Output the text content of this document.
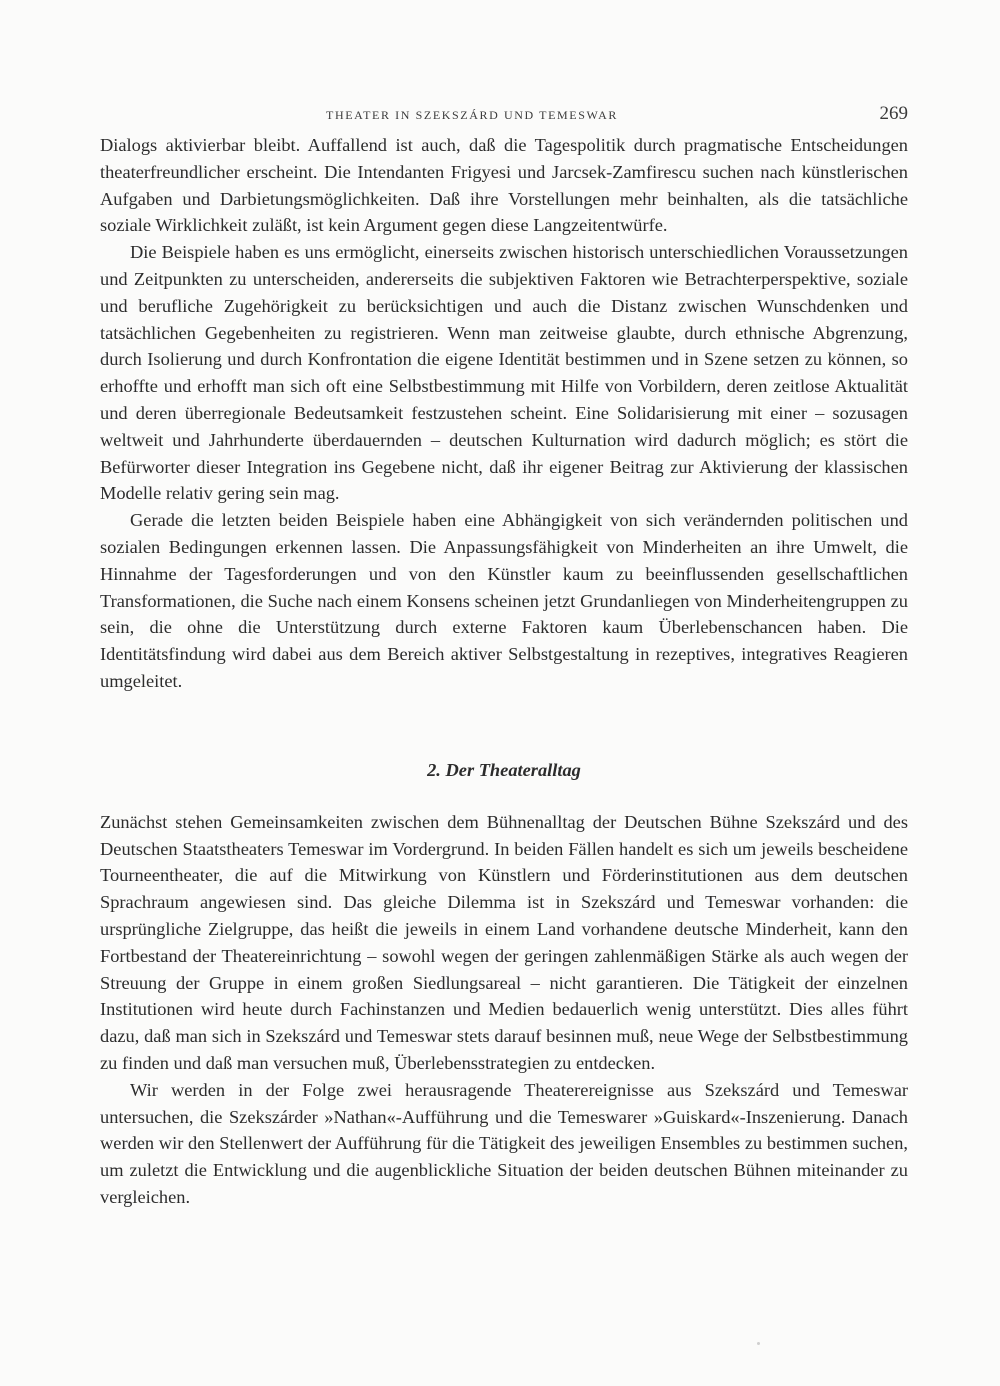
THEATER IN SZEKSZÁRD UND TEMESWAR	269

Dialogs aktivierbar bleibt. Auffallend ist auch, daß die Tagespolitik durch pragmatische Entscheidungen theaterfreundlicher erscheint. Die Intendanten Frigyesi und Jarcsek-Zamfirescu suchen nach künstlerischen Aufgaben und Darbietungsmöglichkeiten. Daß ihre Vorstellungen mehr beinhalten, als die tatsächliche soziale Wirklichkeit zuläßt, ist kein Argument gegen diese Langzeitentwürfe.

Die Beispiele haben es uns ermöglicht, einerseits zwischen historisch unterschiedlichen Voraussetzungen und Zeitpunkten zu unterscheiden, andererseits die subjektiven Faktoren wie Betrachterperspektive, soziale und berufliche Zugehörigkeit zu berücksichtigen und auch die Distanz zwischen Wunschdenken und tatsächlichen Gegebenheiten zu registrieren. Wenn man zeitweise glaubte, durch ethnische Abgrenzung, durch Isolierung und durch Konfrontation die eigene Identität bestimmen und in Szene setzen zu können, so erhoffte und erhofft man sich oft eine Selbstbestimmung mit Hilfe von Vorbildern, deren zeitlose Aktualität und deren überregionale Bedeutsamkeit festzustehen scheint. Eine Solidarisierung mit einer – sozusagen weltweit und Jahrhunderte überdauernden – deutschen Kulturnation wird dadurch möglich; es stört die Befürworter dieser Integration ins Gegebene nicht, daß ihr eigener Beitrag zur Aktivierung der klassischen Modelle relativ gering sein mag.

Gerade die letzten beiden Beispiele haben eine Abhängigkeit von sich verändernden politischen und sozialen Bedingungen erkennen lassen. Die Anpassungsfähigkeit von Minderheiten an ihre Umwelt, die Hinnahme der Tagesforderungen und von den Künstler kaum zu beeinflussenden gesellschaftlichen Transformationen, die Suche nach einem Konsens scheinen jetzt Grundanliegen von Minderheitengruppen zu sein, die ohne die Unterstützung durch externe Faktoren kaum Überlebenschancen haben. Die Identitätsfindung wird dabei aus dem Bereich aktiver Selbstgestaltung in rezeptives, integratives Reagieren umgeleitet.

2. Der Theateralltag

Zunächst stehen Gemeinsamkeiten zwischen dem Bühnenalltag der Deutschen Bühne Szekszárd und des Deutschen Staatstheaters Temeswar im Vordergrund. In beiden Fällen handelt es sich um jeweils bescheidene Tourneentheater, die auf die Mitwirkung von Künstlern und Förderinstitutionen aus dem deutschen Sprachraum angewiesen sind. Das gleiche Dilemma ist in Szekszárd und Temeswar vorhanden: die ursprüngliche Zielgruppe, das heißt die jeweils in einem Land vorhandene deutsche Minderheit, kann den Fortbestand der Theatereinrichtung – sowohl wegen der geringen zahlenmäßigen Stärke als auch wegen der Streuung der Gruppe in einem großen Siedlungsareal – nicht garantieren. Die Tätigkeit der einzelnen Institutionen wird heute durch Fachinstanzen und Medien bedauerlich wenig unterstützt. Dies alles führt dazu, daß man sich in Szekszárd und Temeswar stets darauf besinnen muß, neue Wege der Selbstbestimmung zu finden und daß man versuchen muß, Überlebensstrategien zu entdecken.

Wir werden in der Folge zwei herausragende Theaterereignisse aus Szekszárd und Temeswar untersuchen, die Szekszárder »Nathan«-Aufführung und die Temeswarer »Guiskard«-Inszenierung. Danach werden wir den Stellenwert der Aufführung für die Tätigkeit des jeweiligen Ensembles zu bestimmen suchen, um zuletzt die Entwicklung und die augenblickliche Situation der beiden deutschen Bühnen miteinander zu vergleichen.
